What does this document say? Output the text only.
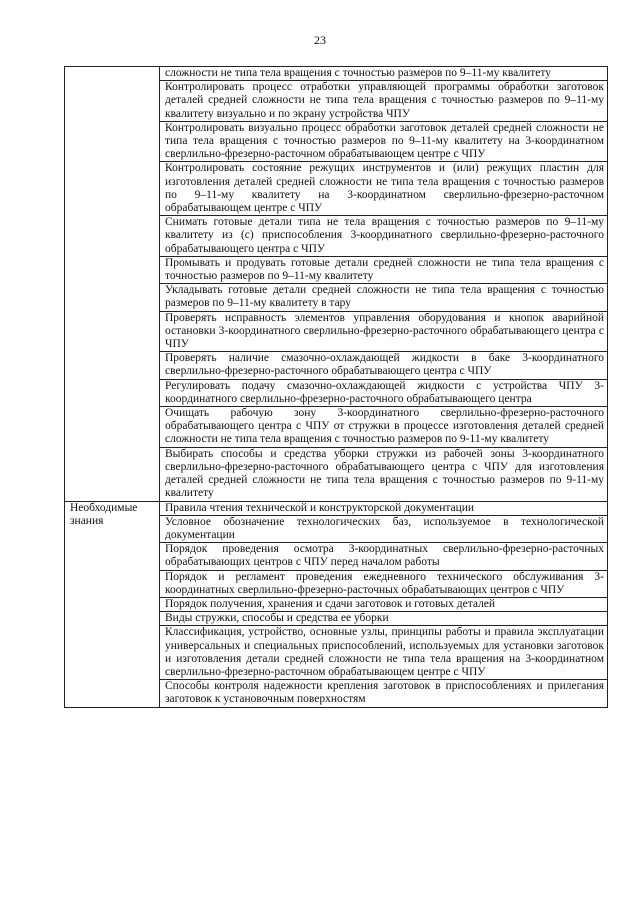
23
	сложности не типа тела вращения с точностью размеров по 9–11-му квалитету
	Контролировать процесс отработки управляющей программы обработки заготовок деталей средней сложности не типа тела вращения с точностью размеров по 9–11-му квалитету визуально и по экрану устройства ЧПУ
	Контролировать визуально процесс обработки заготовок деталей средней сложности не типа тела вращения с точностью размеров по 9–11-му квалитету на 3-координатном сверлильно-фрезерно-расточном обрабатывающем центре с ЧПУ
	Контролировать состояние режущих инструментов и (или) режущих пластин для изготовления деталей средней сложности не типа тела вращения с точностью размеров по 9–11-му квалитету на 3-координатном сверлильно-фрезерно-расточном обрабатывающем центре с ЧПУ
	Снимать готовые детали типа не тела вращения с точностью размеров по 9–11-му квалитету из (с) приспособления 3-координатного сверлильно-фрезерно-расточного обрабатывающего центра с ЧПУ
	Промывать и продувать готовые детали средней сложности не типа тела вращения с точностью размеров по 9–11-му квалитету
	Укладывать готовые детали средней сложности не типа тела вращения с точностью размеров по 9–11-му квалитету в тару
	Проверять исправность элементов управления оборудования и кнопок аварийной остановки 3-координатного сверлильно-фрезерно-расточного обрабатывающего центра с ЧПУ
	Проверять наличие смазочно-охлаждающей жидкости в баке 3-координатного сверлильно-фрезерно-расточного обрабатывающего центра с ЧПУ
	Регулировать подачу смазочно-охлаждающей жидкости с устройства ЧПУ 3-координатного сверлильно-фрезерно-расточного обрабатывающего центра
	Очищать рабочую зону 3-координатного сверлильно-фрезерно-расточного обрабатывающего центра с ЧПУ от стружки в процессе изготовления деталей средней сложности не типа тела вращения с точностью размеров по 9-11-му квалитету
	Выбирать способы и средства уборки стружки из рабочей зоны 3-координатного сверлильно-фрезерно-расточного обрабатывающего центра с ЧПУ для изготовления деталей средней сложности не типа тела вращения с точностью размеров по 9-11-му квалитету
Необходимые знания	Правила чтения технической и конструкторской документации
	Условное обозначение технологических баз, используемое в технологической документации
	Порядок проведения осмотра 3-координатных сверлильно-фрезерно-расточных обрабатывающих центров с ЧПУ перед началом работы
	Порядок и регламент проведения ежедневного технического обслуживания 3-координатных сверлильно-фрезерно-расточных обрабатывающих центров с ЧПУ
	Порядок получения, хранения и сдачи заготовок и готовых деталей
	Виды стружки, способы и средства ее уборки
	Классификация, устройство, основные узлы, принципы работы и правила эксплуатации универсальных и специальных приспособлений, используемых для установки заготовок и изготовления детали средней сложности не типа тела вращения на 3-координатном сверлильно-фрезерно-расточном обрабатывающем центре с ЧПУ
	Способы контроля надежности крепления заготовок в приспособлениях и прилегания заготовок к установочным поверхностям
